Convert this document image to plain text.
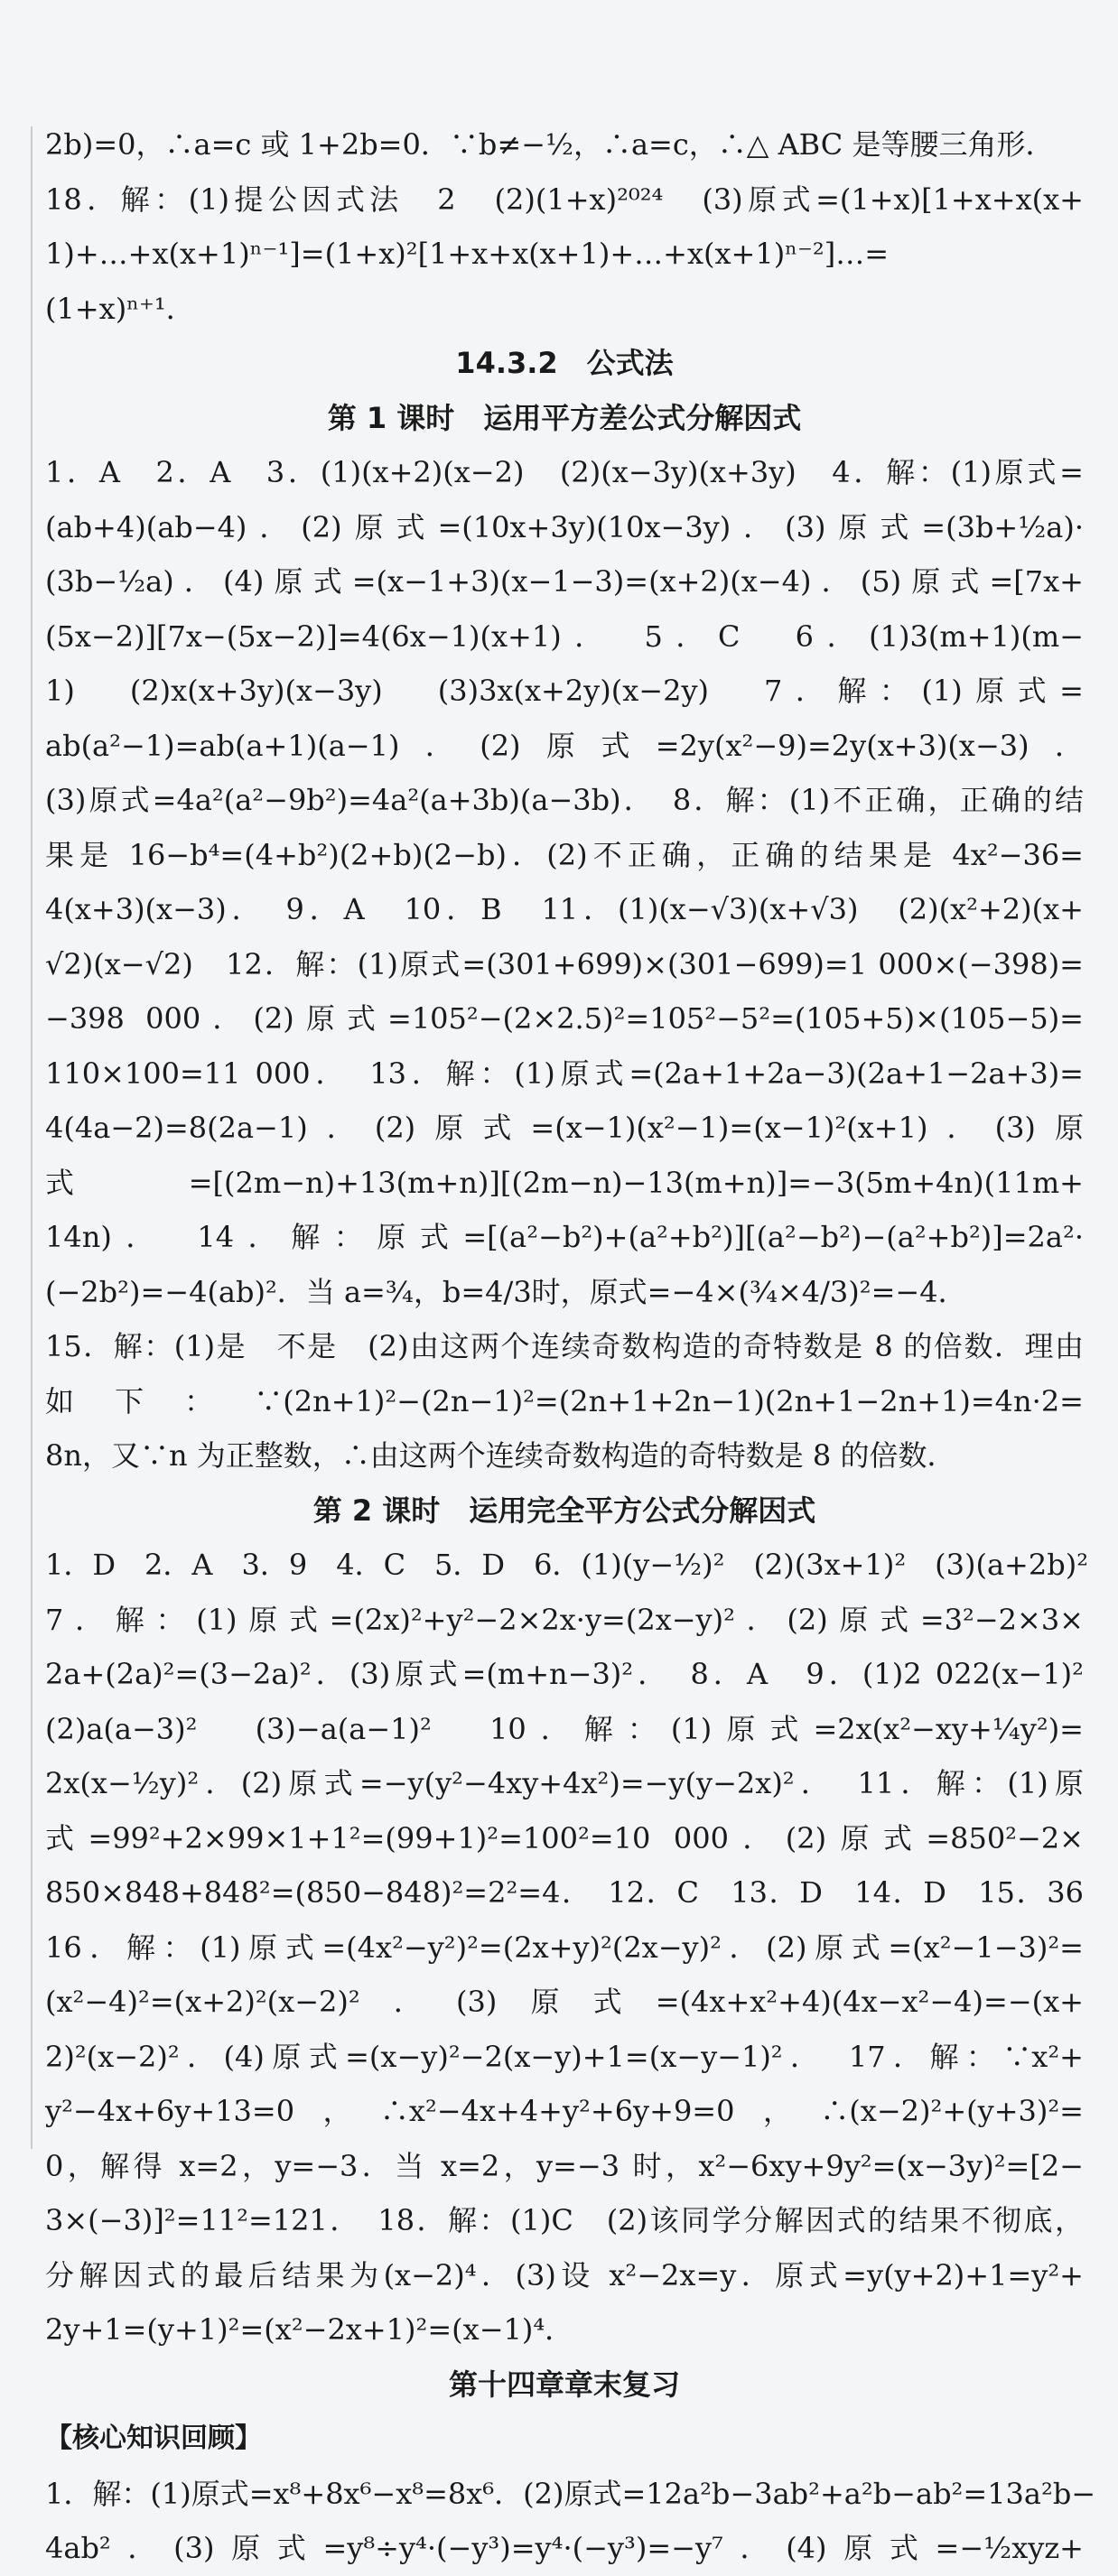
2b)=0，∴a=c 或 1+2b=0．∵b≠−½，∴a=c，∴△ ABC 是等腰三角形．
18．解：(1)提公因式法　2　(2)(1+x)²⁰²⁴　(3)原式=(1+x)[1+x+x(x+
1)+…+x(x+1)ⁿ⁻¹]=(1+x)²[1+x+x(x+1)+…+x(x+1)ⁿ⁻²]…=
(1+x)ⁿ⁺¹．
14.3.2　公式法
第 1 课时　运用平方差公式分解因式
1．A　2．A　3．(1)(x+2)(x−2)　(2)(x−3y)(x+3y)　4．解：(1)原式=
(ab+4)(ab−4)．(2)原式=(10x+3y)(10x−3y)．(3)原式=(3b+½a)·
(3b−½a)．(4)原式=(x−1+3)(x−1−3)=(x+2)(x−4)．(5)原式=[7x+
(5x−2)][7x−(5x−2)]=4(6x−1)(x+1)．　5．C　6．(1)3(m+1)(m−
1)　(2)x(x+3y)(x−3y)　(3)3x(x+2y)(x−2y)　7．解：(1)原式=
ab(a²−1)=ab(a+1)(a−1)．(2)原式=2y(x²−9)=2y(x+3)(x−3)．
(3)原式=4a²(a²−9b²)=4a²(a+3b)(a−3b)．　8．解：(1)不正确，正确的结
果是 16−b⁴=(4+b²)(2+b)(2−b)．(2)不正确，正确的结果是 4x²−36=
4(x+3)(x−3)．　9．A　10．B　11．(1)(x−√3)(x+√3)　(2)(x²+2)(x+
√2)(x−√2)　12．解：(1)原式=(301+699)×(301−699)=1 000×(−398)=
−398 000．(2)原式=105²−(2×2.5)²=105²−5²=(105+5)×(105−5)=
110×100=11 000．　13．解：(1)原式=(2a+1+2a−3)(2a+1−2a+3)=
4(4a−2)=8(2a−1)．(2)原式=(x−1)(x²−1)=(x−1)²(x+1)．(3)原
式=[(2m−n)+13(m+n)][(2m−n)−13(m+n)]=−3(5m+4n)(11m+
14n)．　14．解：原式=[(a²−b²)+(a²+b²)][(a²−b²)−(a²+b²)]=2a²·
(−2b²)=−4(ab)²．当 a=¾，b=4/3时，原式=−4×(¾×4/3)²=−4．
15．解：(1)是　不是　(2)由这两个连续奇数构造的奇特数是 8 的倍数．理由
如下：∵(2n+1)²−(2n−1)²=(2n+1+2n−1)(2n+1−2n+1)=4n·2=
8n，又∵n 为正整数，∴由这两个连续奇数构造的奇特数是 8 的倍数．
第 2 课时　运用完全平方公式分解因式
1．D　2．A　3．9　4．C　5．D　6．(1)(y−½)²　(2)(3x+1)²　(3)(a+2b)²
7．解：(1)原式=(2x)²+y²−2×2x·y=(2x−y)²．(2)原式=3²−2×3×
2a+(2a)²=(3−2a)²．(3)原式=(m+n−3)²．　8．A　9．(1)2 022(x−1)²
(2)a(a−3)²　(3)−a(a−1)²　10．解：(1)原式=2x(x²−xy+¼y²)=
2x(x−½y)²．(2)原式=−y(y²−4xy+4x²)=−y(y−2x)²．　11．解：(1)原
式=99²+2×99×1+1²=(99+1)²=100²=10 000．(2)原式=850²−2×
850×848+848²=(850−848)²=2²=4．　12．C　13．D　14．D　15．36
16．解：(1)原式=(4x²−y²)²=(2x+y)²(2x−y)²．(2)原式=(x²−1−3)²=
(x²−4)²=(x+2)²(x−2)²．(3)原式=(4x+x²+4)(4x−x²−4)=−(x+
2)²(x−2)²．(4)原式=(x−y)²−2(x−y)+1=(x−y−1)²．　17．解：∵x²+
y²−4x+6y+13=0，∴x²−4x+4+y²+6y+9=0，∴(x−2)²+(y+3)²=
0，解得 x=2，y=−3．当 x=2，y=−3 时，x²−6xy+9y²=(x−3y)²=[2−
3×(−3)]²=11²=121．　18．解：(1)C　(2)该同学分解因式的结果不彻底，
分解因式的最后结果为(x−2)⁴．(3)设 x²−2x=y．原式=y(y+2)+1=y²+
2y+1=(y+1)²=(x²−2x+1)²=(x−1)⁴．
第十四章章末复习
【核心知识回顾】
1．解：(1)原式=x⁸+8x⁶−x⁸=8x⁶．(2)原式=12a²b−3ab²+a²b−ab²=13a²b−
4ab²．(3)原式=y⁸÷y⁴·(−y³)=y⁴·(−y³)=−y⁷．(4)原式=−½xyz+
